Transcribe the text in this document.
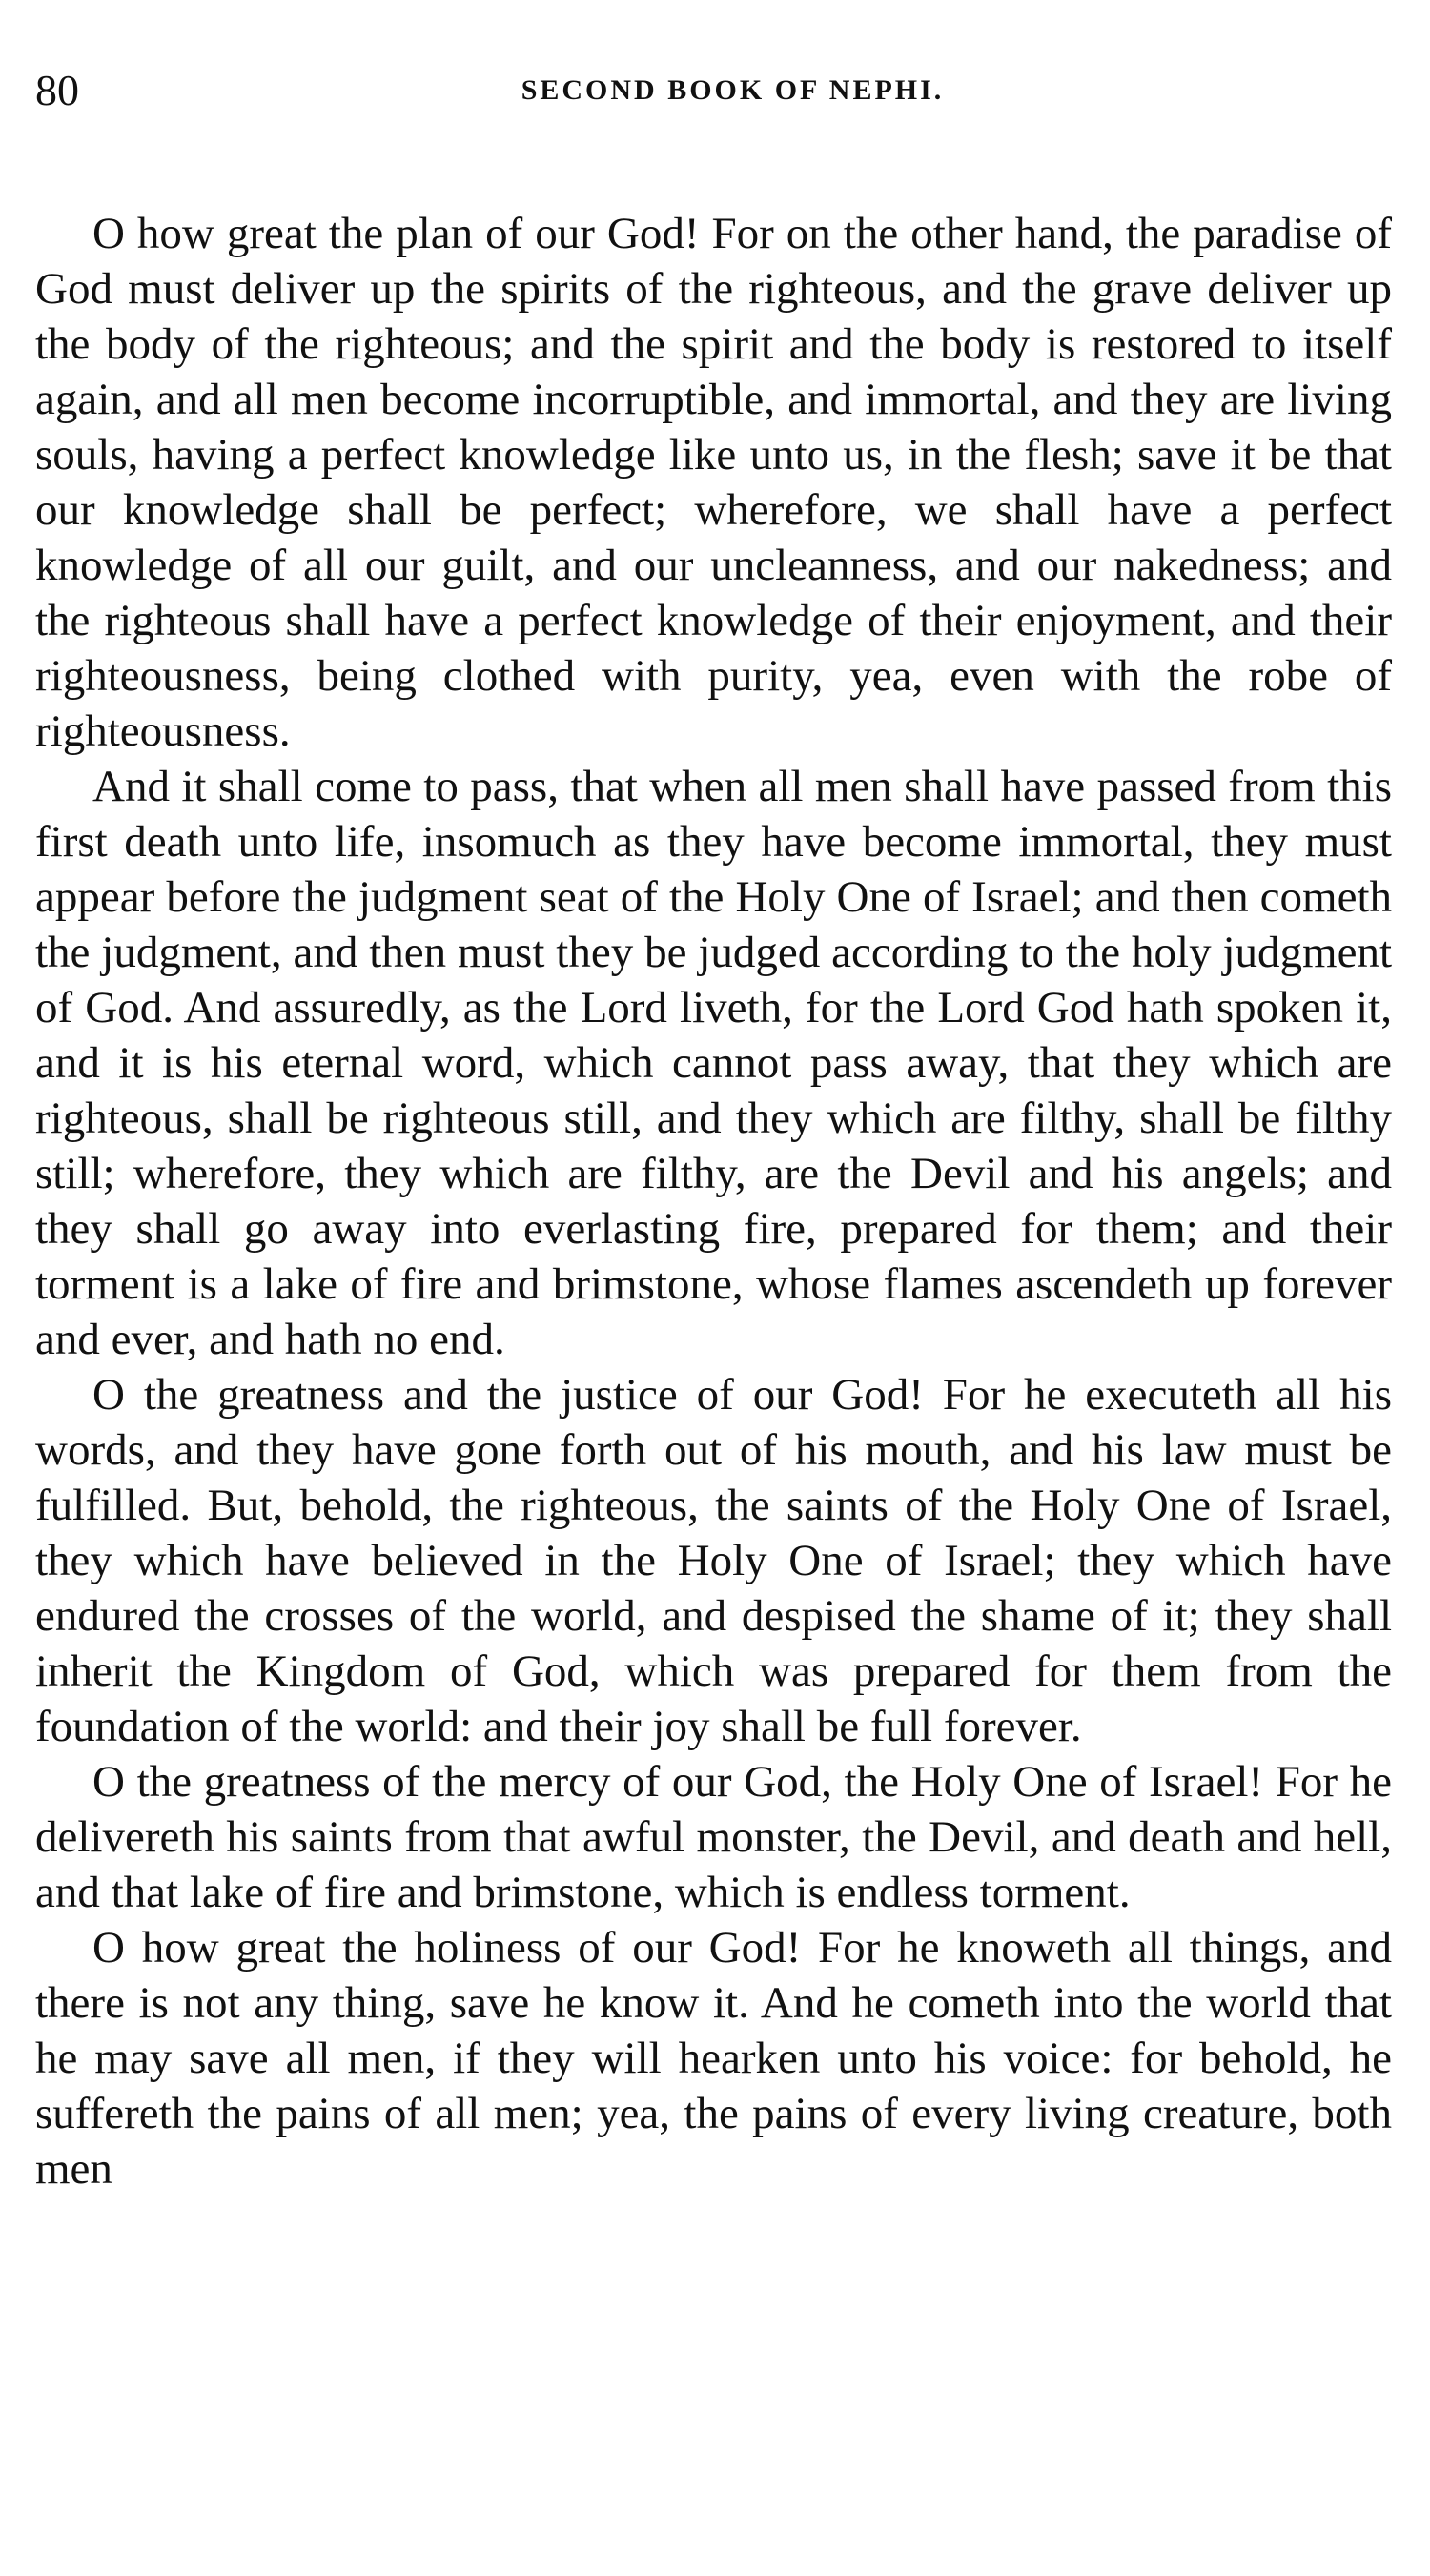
80	SECOND BOOK OF NEPHI.

O how great the plan of our God! For on the other hand, the paradise of God must deliver up the spirits of the righteous, and the grave deliver up the body of the righteous; and the spirit and the body is restored to itself again, and all men become incorruptible, and immortal, and they are living souls, having a perfect knowledge like unto us, in the flesh; save it be that our knowledge shall be perfect; wherefore, we shall have a perfect knowledge of all our guilt, and our uncleanness, and our nakedness; and the righteous shall have a perfect knowledge of their enjoyment, and their righteousness, being clothed with purity, yea, even with the robe of righteousness.

And it shall come to pass, that when all men shall have passed from this first death unto life, insomuch as they have become immortal, they must appear before the judgment seat of the Holy One of Israel; and then cometh the judgment, and then must they be judged according to the holy judgment of God. And assuredly, as the Lord liveth, for the Lord God hath spoken it, and it is his eternal word, which cannot pass away, that they which are righteous, shall be righteous still, and they which are filthy, shall be filthy still; wherefore, they which are filthy, are the Devil and his angels; and they shall go away into everlasting fire, prepared for them; and their torment is a lake of fire and brimstone, whose flames ascendeth up forever and ever, and hath no end.

O the greatness and the justice of our God! For he executeth all his words, and they have gone forth out of his mouth, and his law must be fulfilled. But, behold, the righteous, the saints of the Holy One of Israel, they which have believed in the Holy One of Israel; they which have endured the crosses of the world, and despised the shame of it; they shall inherit the Kingdom of God, which was prepared for them from the foundation of the world: and their joy shall be full forever.

O the greatness of the mercy of our God, the Holy One of Israel! For he delivereth his saints from that awful monster, the Devil, and death and hell, and that lake of fire and brimstone, which is endless torment.

O how great the holiness of our God! For he knoweth all things, and there is not any thing, save he know it. And he cometh into the world that he may save all men, if they will hearken unto his voice: for behold, he suffereth the pains of all men; yea, the pains of every living creature, both men
